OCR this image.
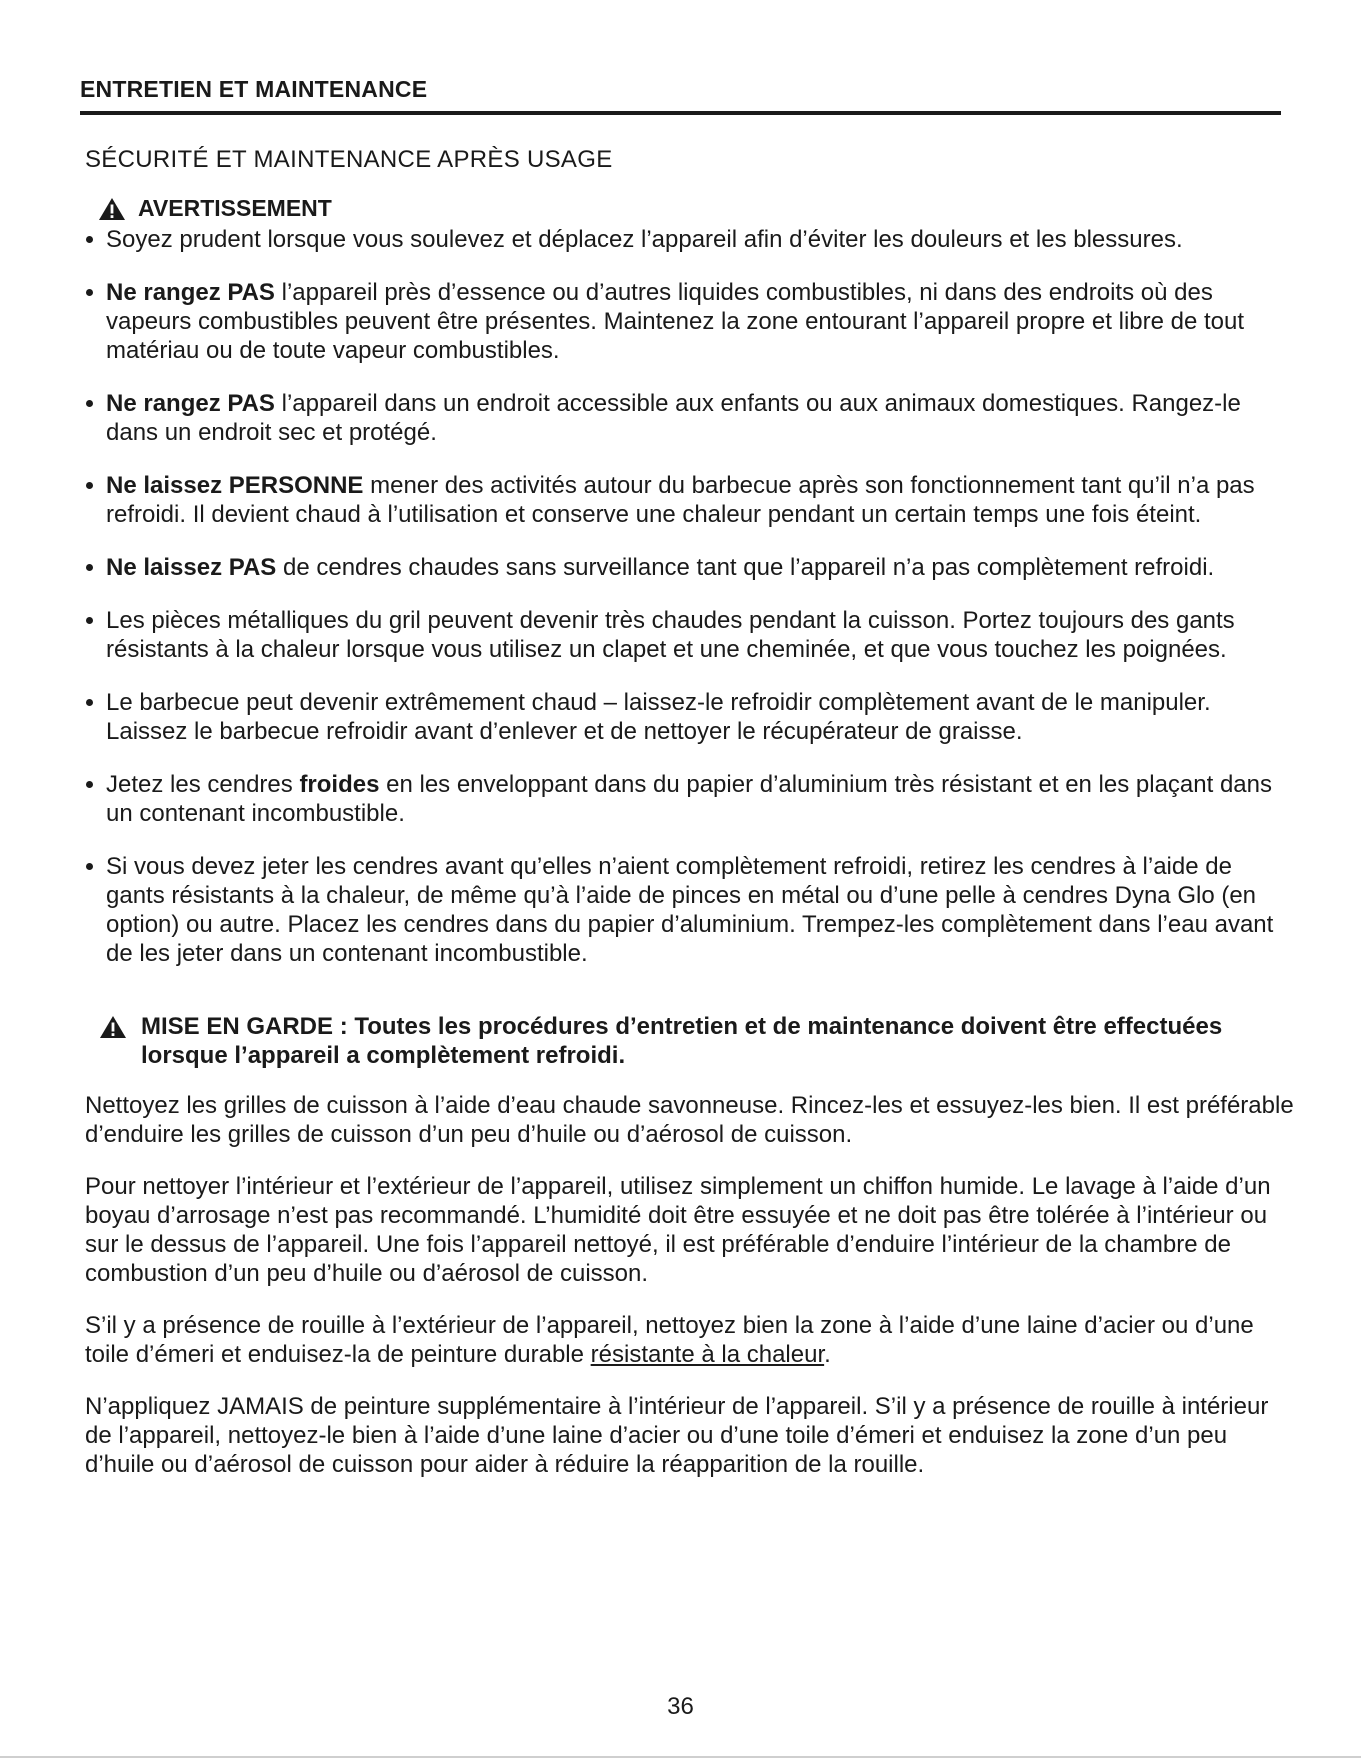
ENTRETIEN ET MAINTENANCE
SÉCURITÉ ET MAINTENANCE APRÈS USAGE
AVERTISSEMENT
Soyez prudent lorsque vous soulevez et déplacez l’appareil afin d’éviter les douleurs et les blessures.
Ne rangez PAS l’appareil près d’essence ou d’autres liquides combustibles, ni dans des endroits où des vapeurs combustibles peuvent être présentes. Maintenez la zone entourant l’appareil propre et libre de tout matériau ou de toute vapeur combustibles.
Ne rangez PAS l’appareil dans un endroit accessible aux enfants ou aux animaux domestiques. Rangez-le dans un endroit sec et protégé.
Ne laissez PERSONNE mener des activités autour du barbecue après son fonctionnement tant qu’il n’a pas refroidi. Il devient chaud à l’utilisation et conserve une chaleur pendant un certain temps une fois éteint.
Ne laissez PAS de cendres chaudes sans surveillance tant que l’appareil n’a pas complètement refroidi.
Les pièces métalliques du gril peuvent devenir très chaudes pendant la cuisson. Portez toujours des gants résistants à la chaleur lorsque vous utilisez un clapet et une cheminée, et que vous touchez les poignées.
Le barbecue peut devenir extrêmement chaud – laissez-le refroidir complètement avant de le manipuler. Laissez le barbecue refroidir avant d’enlever et de nettoyer le récupérateur de graisse.
Jetez les cendres froides en les enveloppant dans du papier d’aluminium très résistant et en les plaçant dans un contenant incombustible.
Si vous devez jeter les cendres avant qu’elles n’aient complètement refroidi, retirez les cendres à l’aide de gants résistants à la chaleur, de même qu’à l’aide de pinces en métal ou d’une pelle à cendres Dyna Glo (en option) ou autre. Placez les cendres dans du papier d’aluminium. Trempez-les complètement dans l’eau avant de les jeter dans un contenant incombustible.
MISE EN GARDE : Toutes les procédures d’entretien et de maintenance doivent être effectuées lorsque l’appareil a complètement refroidi.

Nettoyez les grilles de cuisson à l’aide d’eau chaude savonneuse. Rincez-les et essuyez-les bien. Il est préférable d’enduire les grilles de cuisson d’un peu d’huile ou d’aérosol de cuisson.

Pour nettoyer l’intérieur et l’extérieur de l’appareil, utilisez simplement un chiffon humide. Le lavage à l’aide d’un boyau d’arrosage n’est pas recommandé. L’humidité doit être essuyée et ne doit pas être tolérée à l’intérieur ou sur le dessus de l’appareil. Une fois l’appareil nettoyé, il est préférable d’enduire l’intérieur de la chambre de combustion d’un peu d’huile ou d’aérosol de cuisson.

S’il y a présence de rouille à l’extérieur de l’appareil, nettoyez bien la zone à l’aide d’une laine d’acier ou d’une toile d’émeri et enduisez-la de peinture durable résistante à la chaleur.

N’appliquez JAMAIS de peinture supplémentaire à l’intérieur de l’appareil. S’il y a présence de rouille à intérieur de l’appareil, nettoyez-le bien à l’aide d’une laine d’acier ou d’une toile d’émeri et enduisez la zone d’un peu d’huile ou d’aérosol de cuisson pour aider à réduire la réapparition de la rouille.

36
